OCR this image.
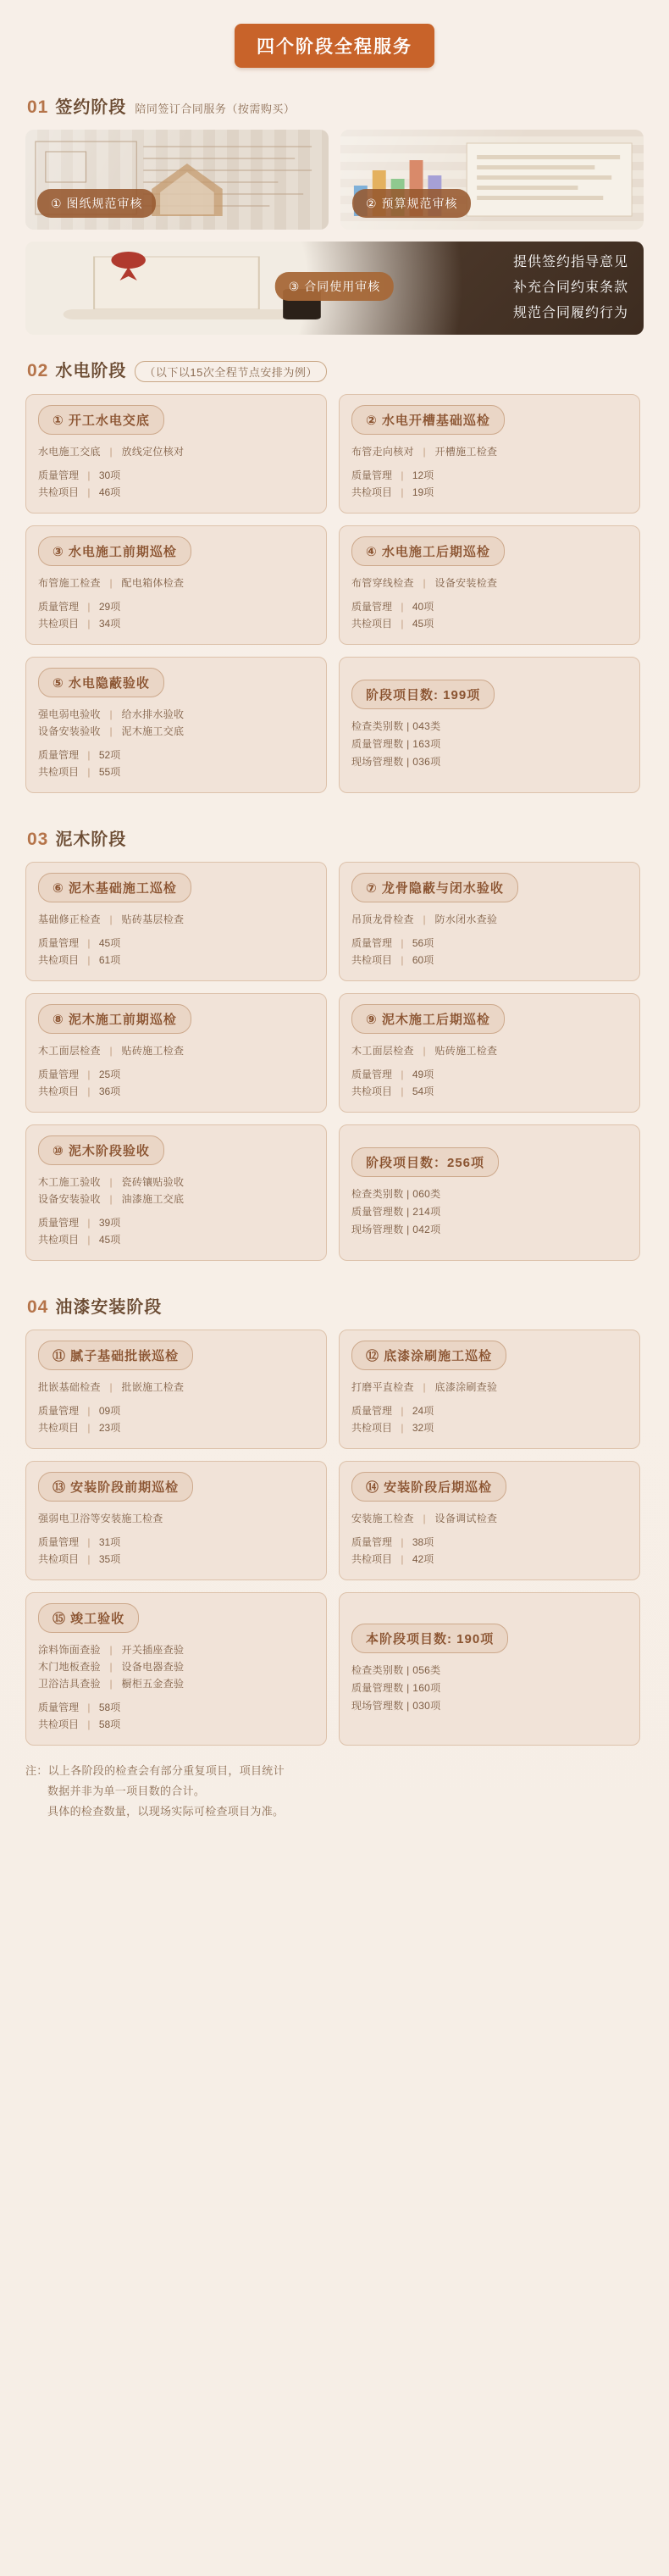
四个阶段全程服务
01 签约阶段 陪同签订合同服务（按需购买）
① 图纸规范审核	② 预算规范审核
③ 合同使用审核
提供签约指导意见
补充合同约束条款
规范合同履约行为
02 水电阶段	（以下以15次全程节点安排为例）
① 开工水电交底
水电施工交底 | 放线定位核对
质量管理 | 30项
共检项目 | 46项
② 水电开槽基础巡检
布管走向核对 | 开槽施工检查
质量管理 | 12项
共检项目 | 19项
③ 水电施工前期巡检
布管施工检查 | 配电箱体检查
质量管理 | 29项
共检项目 | 34项
④ 水电施工后期巡检
布管穿线检查 | 设备安装检查
质量管理 | 40项
共检项目 | 45项
⑤ 水电隐蔽验收
强电弱电验收 | 给水排水验收
设备安装验收 | 泥木施工交底
质量管理 | 52项
共检项目 | 55项
阶段项目数: 199项
检查类别数 | 043类
质量管理数 | 163项
现场管理数 | 036项
03 泥木阶段
⑥ 泥木基础施工巡检
基础修正检查 | 贴砖基层检查
质量管理 | 45项
共检项目 | 61项
⑦ 龙骨隐蔽与闭水验收
吊顶龙骨检查 | 防水闭水查验
质量管理 | 56项
共检项目 | 60项
⑧ 泥木施工前期巡检
木工面层检查 | 贴砖施工检查
质量管理 | 25项
共检项目 | 36项
⑨ 泥木施工后期巡检
木工面层检查 | 贴砖施工检查
质量管理 | 49项
共检项目 | 54项
⑩ 泥木阶段验收
木工施工验收 | 瓷砖镶贴验收
设备安装验收 | 油漆施工交底
质量管理 | 39项
共检项目 | 45项
阶段项目数：256项
检查类别数 | 060类
质量管理数 | 214项
现场管理数 | 042项
04 油漆安装阶段
⑪ 腻子基础批嵌巡检
批嵌基础检查 | 批嵌施工检查
质量管理 | 09项
共检项目 | 23项
⑫ 底漆涂刷施工巡检
打磨平直检查 | 底漆涂刷查验
质量管理 | 24项
共检项目 | 32项
⑬ 安装阶段前期巡检
强弱电卫浴等安装施工检查
质量管理 | 31项
共检项目 | 35项
⑭ 安装阶段后期巡检
安装施工检查 | 设备调试检查
质量管理 | 38项
共检项目 | 42项
⑮ 竣工验收
涂料饰面查验 | 开关插座查验
木门地板查验 | 设备电器查验
卫浴洁具查验 | 橱柜五金查验
质量管理 | 58项
共检项目 | 58项
本阶段项目数: 190项
检查类别数 | 056类
质量管理数 | 160项
现场管理数 | 030项
注：以上各阶段的检查会有部分重复项目，项目统计
数据并非为单一项目数的合计。
具体的检查数量，以现场实际可检查项目为准。
